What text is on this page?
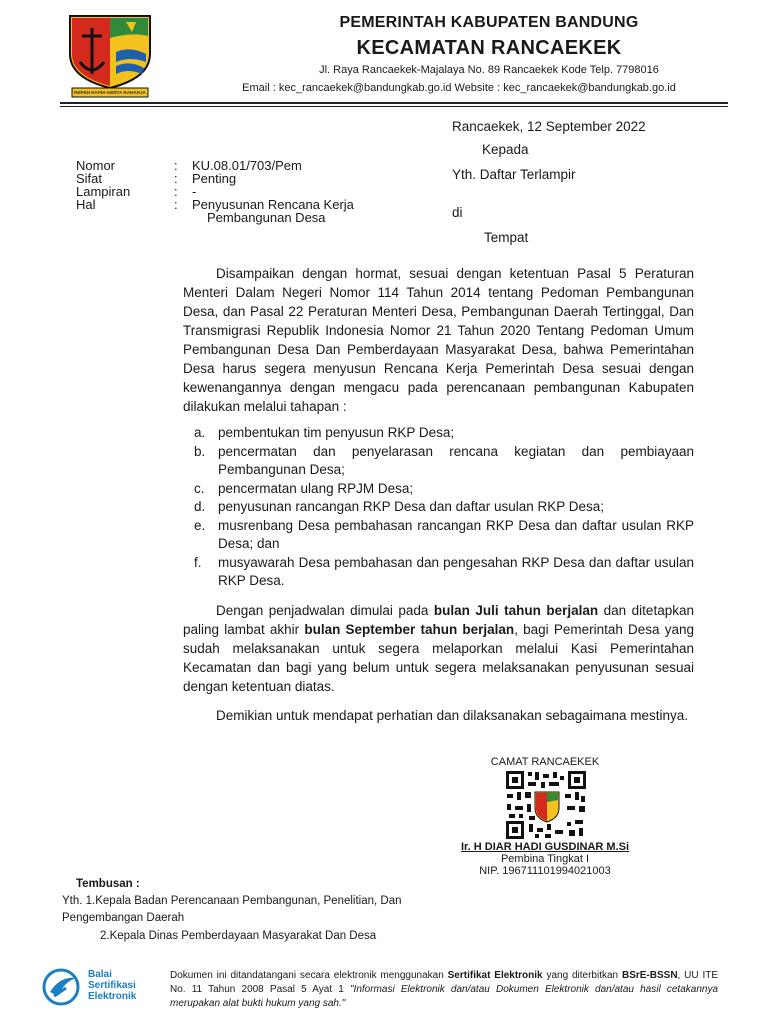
REPEH RAPIH KERTA RAHARJA
PEMERINTAH KABUPATEN BANDUNG
KECAMATAN RANCAEKEK
Jl. Raya Rancaekek-Majalaya No. 89 Rancaekek Kode Telp. 7798016
Email : kec_rancaekek@bandungkab.go.id Website : kec_rancaekek@bandungkab.go.id
Rancaekek, 12 September 2022
Kepada
Yth. Daftar Terlampir
di
Tempat
Nomor	:	KU.08.01/703/Pem
Sifat	:	Penting
Lampiran	:	-
Hal	:	Penyusunan Rencana Kerja
		Pembangunan Desa
Disampaikan dengan hormat, sesuai dengan ketentuan Pasal 5 Peraturan Menteri Dalam Negeri Nomor 114 Tahun 2014 tentang Pedoman Pembangunan Desa, dan Pasal 22 Peraturan Menteri Desa, Pembangunan Daerah Tertinggal, Dan Transmigrasi Republik Indonesia Nomor 21 Tahun 2020 Tentang Pedoman Umum Pembangunan Desa Dan Pemberdayaan Masyarakat Desa, bahwa Pemerintahan Desa harus segera menyusun Rencana Kerja Pemerintah Desa sesuai dengan kewenangannya dengan mengacu pada perencanaan pembangunan Kabupaten dilakukan melalui tahapan :
a. pembentukan tim penyusun RKP Desa;
b. pencermatan dan penyelarasan rencana kegiatan dan pembiayaan Pembangunan Desa;
c. pencermatan ulang RPJM Desa;
d. penyusunan rancangan RKP Desa dan daftar usulan RKP Desa;
e. musrenbang Desa pembahasan rancangan RKP Desa dan daftar usulan RKP Desa; dan
f.	musyawarah Desa pembahasan dan pengesahan RKP Desa dan daftar usulan RKP Desa.
Dengan penjadwalan dimulai pada bulan Juli tahun berjalan dan ditetapkan paling lambat akhir bulan September tahun berjalan, bagi Pemerintah Desa yang sudah melaksanakan untuk segera melaporkan melalui Kasi Pemerintahan Kecamatan dan bagi yang belum untuk segera melaksanakan penyusunan sesuai dengan ketentuan diatas.
Demikian untuk mendapat perhatian dan dilaksanakan sebagaimana mestinya.
CAMAT RANCAEKEK
Ir. H DIAR HADI GUSDINAR M.Si
Pembina Tingkat I
NIP. 196711101994021003
Tembusan :
Yth. 1.Kepala Badan Perencanaan Pembangunan, Penelitian, Dan
Pengembangan Daerah
2.Kepala Dinas Pemberdayaan Masyarakat Dan Desa
Balai
Sertifikasi
Elektronik
Dokumen ini ditandatangani secara elektronik menggunakan Sertifikat Elektronik yang diterbitkan BSrE-BSSN, UU ITE No. 11 Tahun 2008 Pasal 5 Ayat 1 "Informasi Elektronik dan/atau Dokumen Elektronik dan/atau hasil cetakannya merupakan alat bukti hukum yang sah."
